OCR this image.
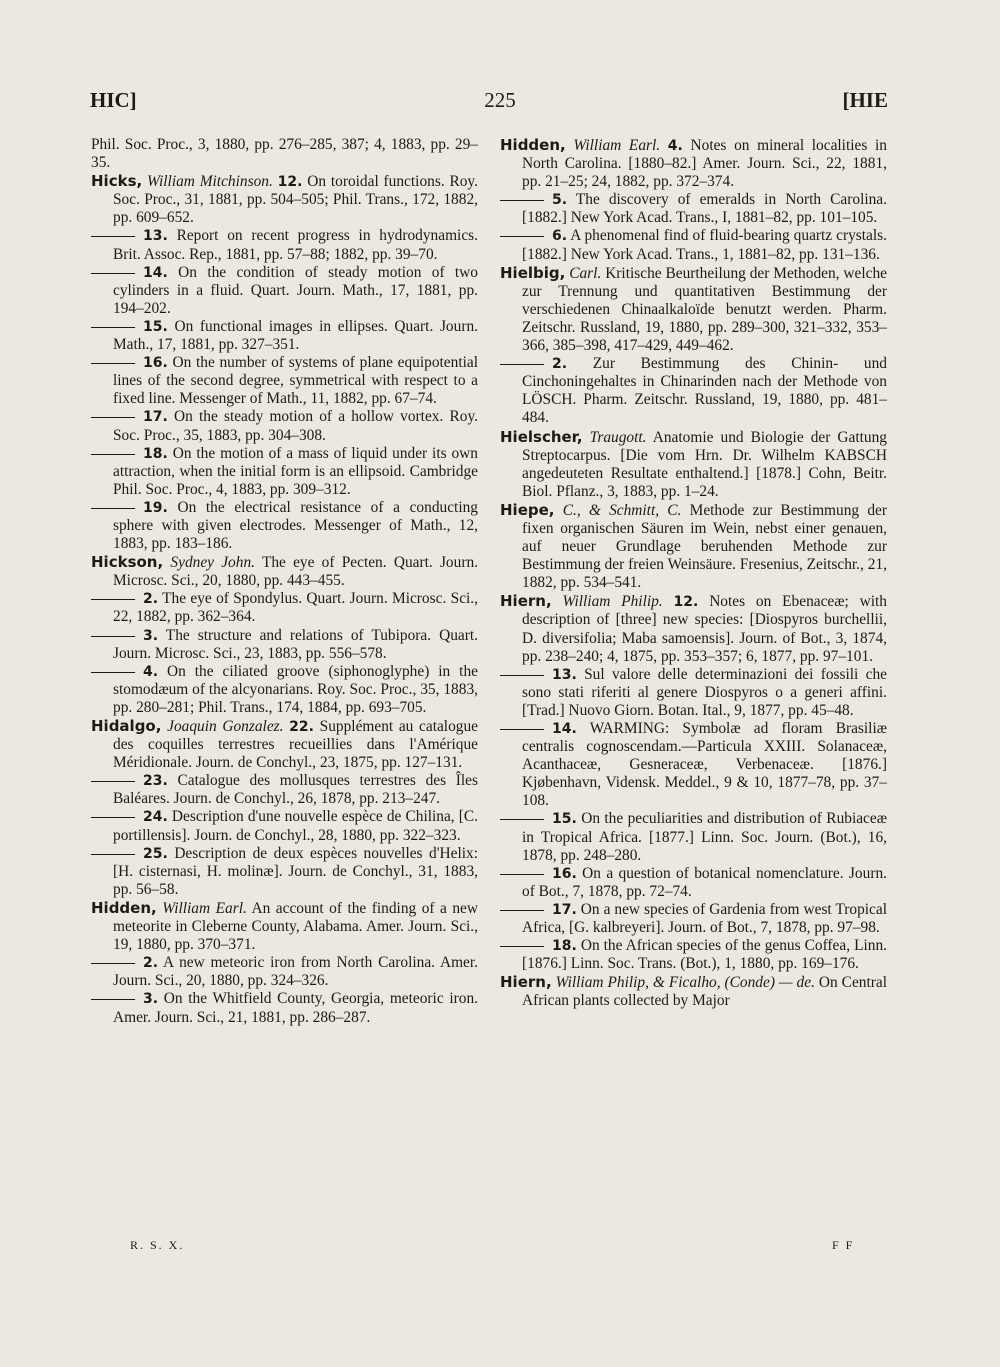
HIC]	225	[HIE

Phil. Soc. Proc., 3, 1880, pp. 276–285, 387; 4, 1883, pp. 29–35.

Hicks, William Mitchinson. 12. On toroidal functions. Roy. Soc. Proc., 31, 1881, pp. 504–505; Phil. Trans., 172, 1882, pp. 609–652.

13. Report on recent progress in hydrodynamics. Brit. Assoc. Rep., 1881, pp. 57–88; 1882, pp. 39–70.

14. On the condition of steady motion of two cylinders in a fluid. Quart. Journ. Math., 17, 1881, pp. 194–202.

15. On functional images in ellipses. Quart. Journ. Math., 17, 1881, pp. 327–351.

16. On the number of systems of plane equipotential lines of the second degree, symmetrical with respect to a fixed line. Messenger of Math., 11, 1882, pp. 67–74.

17. On the steady motion of a hollow vortex. Roy. Soc. Proc., 35, 1883, pp. 304–308.

18. On the motion of a mass of liquid under its own attraction, when the initial form is an ellipsoid. Cambridge Phil. Soc. Proc., 4, 1883, pp. 309–312.

19. On the electrical resistance of a conducting sphere with given electrodes. Messenger of Math., 12, 1883, pp. 183–186.

Hickson, Sydney John. The eye of Pecten. Quart. Journ. Microsc. Sci., 20, 1880, pp. 443–455.

2. The eye of Spondylus. Quart. Journ. Microsc. Sci., 22, 1882, pp. 362–364.

3. The structure and relations of Tubipora. Quart. Journ. Microsc. Sci., 23, 1883, pp. 556–578.

4. On the ciliated groove (siphonoglyphe) in the stomodæum of the alcyonarians. Roy. Soc. Proc., 35, 1883, pp. 280–281; Phil. Trans., 174, 1884, pp. 693–705.

Hidalgo, Joaquin Gonzalez. 22. Supplément au catalogue des coquilles terrestres recueillies dans l'Amérique Méridionale. Journ. de Conchyl., 23, 1875, pp. 127–131.

23. Catalogue des mollusques terrestres des Îles Baléares. Journ. de Conchyl., 26, 1878, pp. 213–247.

24. Description d'une nouvelle espèce de Chilina, [C. portillensis]. Journ. de Conchyl., 28, 1880, pp. 322–323.

25. Description de deux espèces nouvelles d'Helix: [H. cisternasi, H. molinæ]. Journ. de Conchyl., 31, 1883, pp. 56–58.

Hidden, William Earl. An account of the finding of a new meteorite in Cleberne County, Alabama. Amer. Journ. Sci., 19, 1880, pp. 370–371.

2. A new meteoric iron from North Carolina. Amer. Journ. Sci., 20, 1880, pp. 324–326.

3. On the Whitfield County, Georgia, meteoric iron. Amer. Journ. Sci., 21, 1881, pp. 286–287.

Hidden, William Earl. 4. Notes on mineral localities in North Carolina. [1880–82.] Amer. Journ. Sci., 22, 1881, pp. 21–25; 24, 1882, pp. 372–374.

5. The discovery of emeralds in North Carolina. [1882.] New York Acad. Trans., I, 1881–82, pp. 101–105.

6. A phenomenal find of fluid-bearing quartz crystals. [1882.] New York Acad. Trans., 1, 1881–82, pp. 131–136.

Hielbig, Carl. Kritische Beurtheilung der Methoden, welche zur Trennung und quantitativen Bestimmung der verschiedenen Chinaalkaloïde benutzt werden. Pharm. Zeitschr. Russland, 19, 1880, pp. 289–300, 321–332, 353–366, 385–398, 417–429, 449–462.

2. Zur Bestimmung des Chinin- und Cinchoningehaltes in Chinarinden nach der Methode von LÖSCH. Pharm. Zeitschr. Russland, 19, 1880, pp. 481–484.

Hielscher, Traugott. Anatomie und Biologie der Gattung Streptocarpus. [Die vom Hrn. Dr. Wilhelm KABSCH angedeuteten Resultate enthaltend.] [1878.] Cohn, Beitr. Biol. Pflanz., 3, 1883, pp. 1–24.

Hiepe, C., & Schmitt, C. Methode zur Bestimmung der fixen organischen Säuren im Wein, nebst einer genauen, auf neuer Grundlage beruhenden Methode zur Bestimmung der freien Weinsäure. Fresenius, Zeitschr., 21, 1882, pp. 534–541.

Hiern, William Philip. 12. Notes on Ebenaceæ; with description of [three] new species: [Diospyros burchellii, D. diversifolia; Maba samoensis]. Journ. of Bot., 3, 1874, pp. 238–240; 4, 1875, pp. 353–357; 6, 1877, pp. 97–101.

13. Sul valore delle determinazioni dei fossili che sono stati riferiti al genere Diospyros o a generi affini. [Trad.] Nuovo Giorn. Botan. Ital., 9, 1877, pp. 45–48.

14. WARMING: Symbolæ ad floram Brasiliæ centralis cognoscendam.—Particula XXIII. Solanaceæ, Acanthaceæ, Gesneraceæ, Verbenaceæ. [1876.] Kjøbenhavn, Vidensk. Meddel., 9 & 10, 1877–78, pp. 37–108.

15. On the peculiarities and distribution of Rubiaceæ in Tropical Africa. [1877.] Linn. Soc. Journ. (Bot.), 16, 1878, pp. 248–280.

16. On a question of botanical nomenclature. Journ. of Bot., 7, 1878, pp. 72–74.

17. On a new species of Gardenia from west Tropical Africa, [G. kalbreyeri]. Journ. of Bot., 7, 1878, pp. 97–98.

18. On the African species of the genus Coffea, Linn. [1876.] Linn. Soc. Trans. (Bot.), 1, 1880, pp. 169–176.

Hiern, William Philip, & Ficalho, (Conde) — de. On Central African plants collected by Major

R. S. X.	F F
